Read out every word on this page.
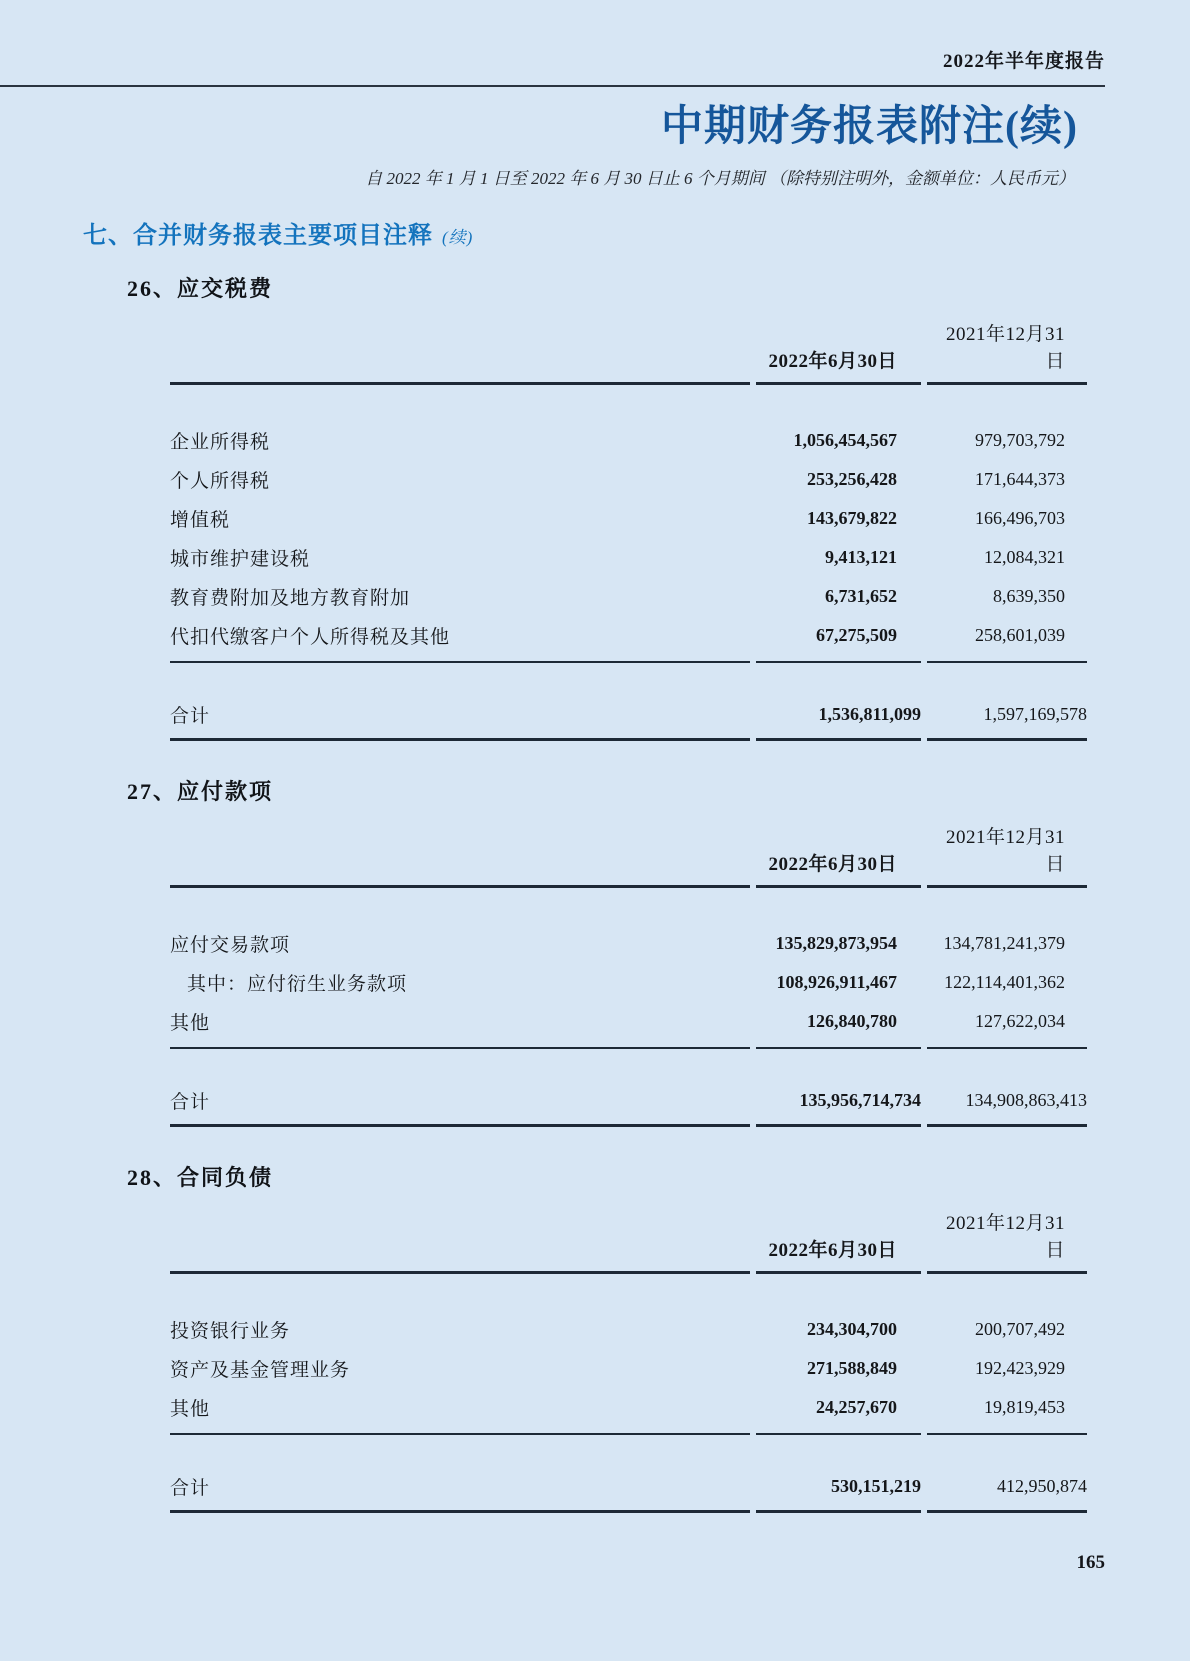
2022年半年度报告
中期财务报表附注(续)
自 2022 年 1 月 1 日至 2022 年 6 月 30 日止 6 个月期间 （除特别注明外，金额单位：人民币元）
七、合并财务报表主要项目注释 (续)
26、应交税费
	2022年6月30日	2021年12月31日

企业所得税	1,056,454,567	979,703,792
个人所得税	253,256,428	171,644,373
增值税	143,679,822	166,496,703
城市维护建设税	9,413,121	12,084,321
教育费附加及地方教育附加	6,731,652	8,639,350
代扣代缴客户个人所得税及其他	67,275,509	258,601,039

合计	1,536,811,099	1,597,169,578
27、应付款项
	2022年6月30日	2021年12月31日

应付交易款项	135,829,873,954	134,781,241,379
其中：应付衍生业务款项	108,926,911,467	122,114,401,362
其他	126,840,780	127,622,034

合计	135,956,714,734	134,908,863,413
28、合同负债
	2022年6月30日	2021年12月31日

投资银行业务	234,304,700	200,707,492
资产及基金管理业务	271,588,849	192,423,929
其他	24,257,670	19,819,453

合计	530,151,219	412,950,874
165
